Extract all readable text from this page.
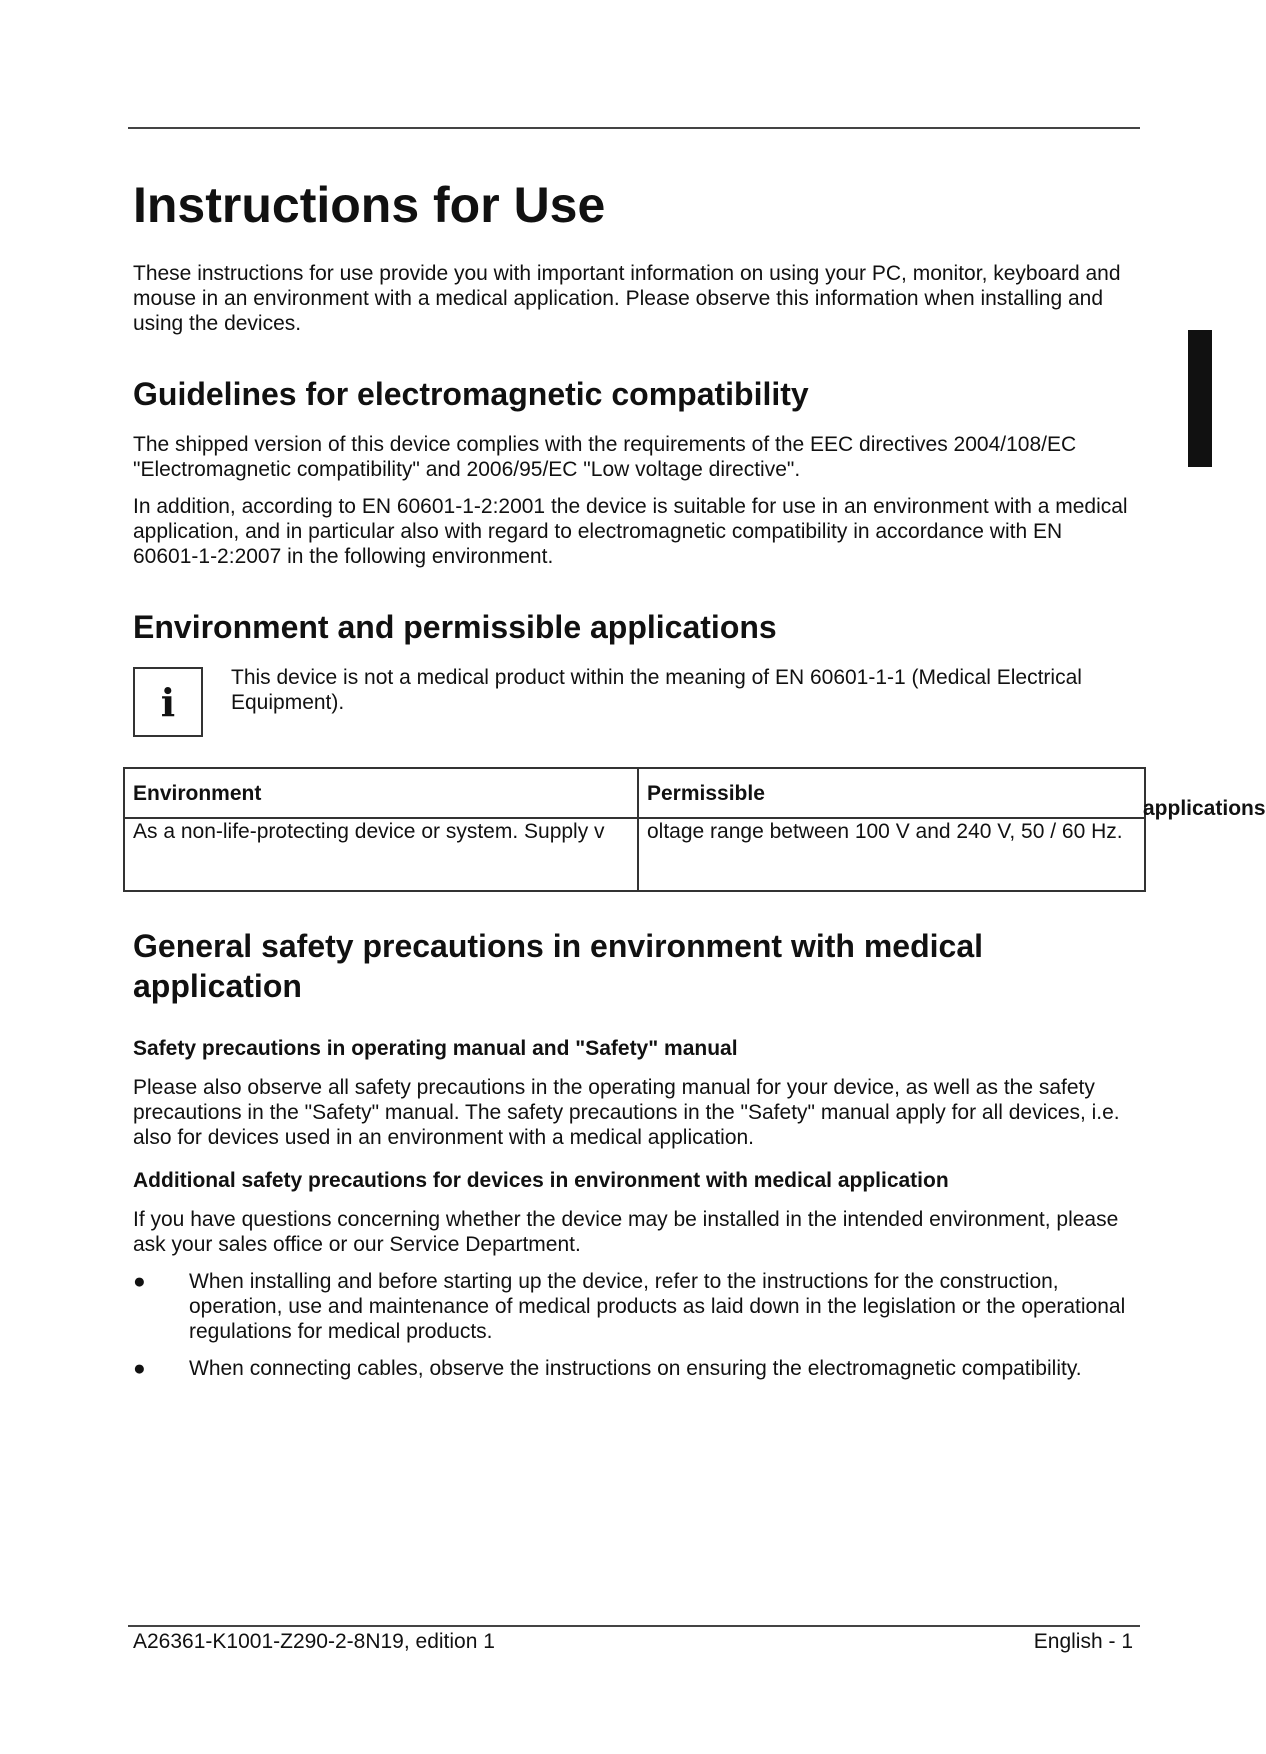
Instructions for Use

These instructions for use provide you with important information on using your PC, monitor, keyboard and mouse in an environment with a medical application. Please observe this information when installing and using the devices.

Guidelines for electromagnetic compatibility

The shipped version of this device complies with the requirements of the EEC directives 2004/108/EC "Electromagnetic compatibility" and 2006/95/EC "Low voltage directive".

In addition, according to EN 60601-1-2:2001 the device is suitable for use in an environment with a medical application, and in particular also with regard to electromagnetic compatibility in accordance with EN 60601-1-2:2007 in the following environment.

Environment and permissible applications
i
This device is not a medical product within the meaning of EN 60601-1-1 (Medical Electrical Equipment).
Environment	Permissible
As a non-life-protecting device or system. Supply v	oltage range between 100 V and 240 V, 50 / 60 Hz.
General safety precautions in environment with medical application
Safety precautions in operating manual and "Safety" manual

Please also observe all safety precautions in the operating manual for your device, as well as the safety precautions in the "Safety" manual. The safety precautions in the "Safety" manual apply for all devices, i.e. also for devices used in an environment with a medical application.

Additional safety precautions for devices in environment with medical application

If you have questions concerning whether the device may be installed in the intended environment, please ask your sales office or our Service Department.

● When installing and before starting up the device, refer to the instructions for the construction, operation, use and maintenance of medical products as laid down in the legislation or the operational regulations for medical products.
● When connecting cables, observe the instructions on ensuring the electromagnetic compatibility.
applications
A26361-K1001-Z290-2-8N19, edition 1	English - 1
